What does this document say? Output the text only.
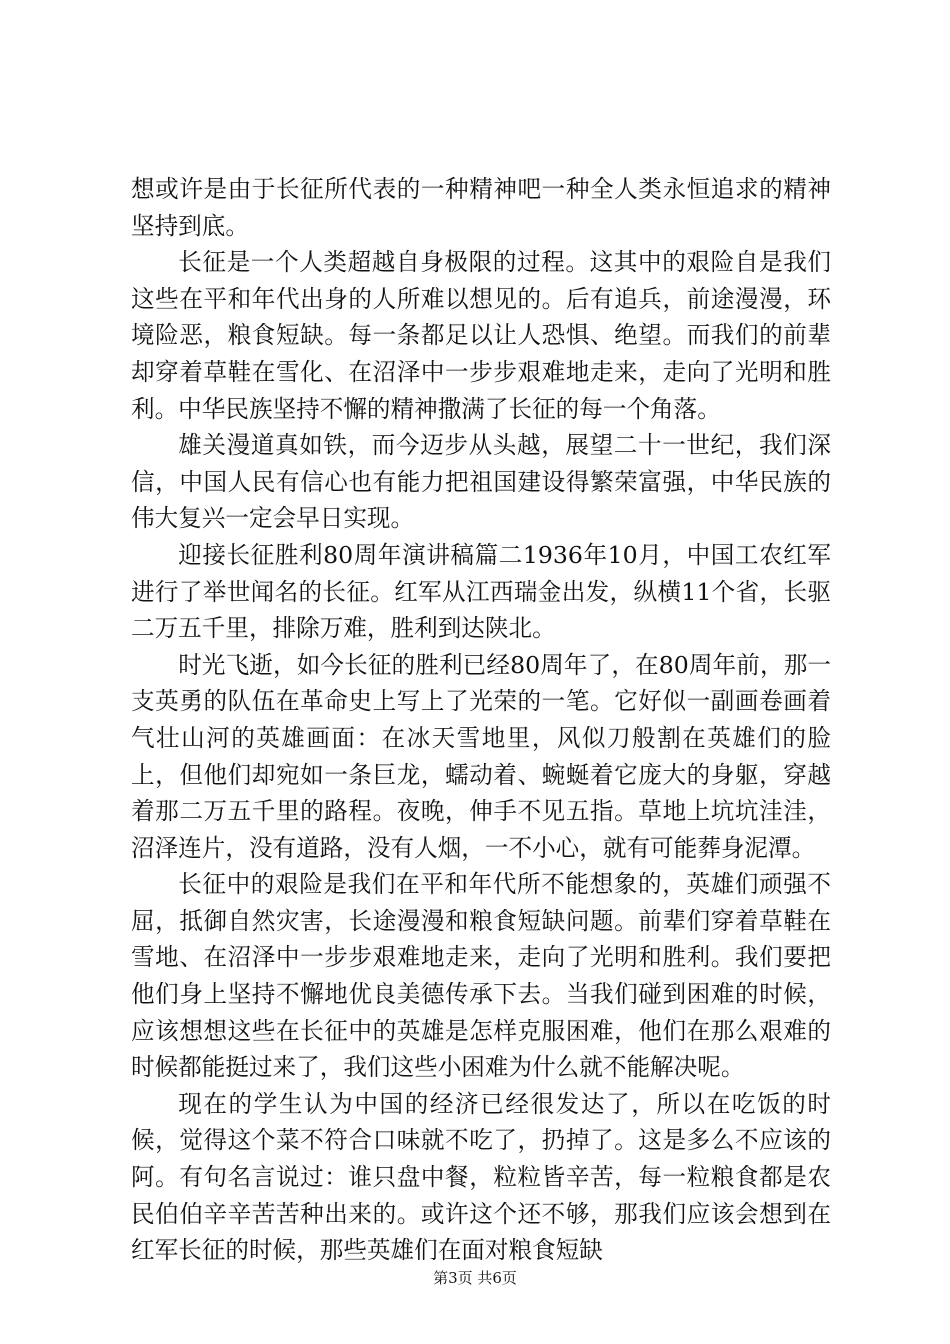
想或许是由于长征所代表的一种精神吧一种全人类永恒追求的精神坚持到底。

长征是一个人类超越自身极限的过程。这其中的艰险自是我们这些在平和年代出身的人所难以想见的。后有追兵，前途漫漫，环境险恶，粮食短缺。每一条都足以让人恐惧、绝望。而我们的前辈却穿着草鞋在雪化、在沼泽中一步步艰难地走来，走向了光明和胜利。中华民族坚持不懈的精神撒满了长征的每一个角落。

雄关漫道真如铁，而今迈步从头越，展望二十一世纪，我们深信，中国人民有信心也有能力把祖国建设得繁荣富强，中华民族的伟大复兴一定会早日实现。

迎接长征胜利80周年演讲稿篇二1936年10月，中国工农红军进行了举世闻名的长征。红军从江西瑞金出发，纵横11个省，长驱二万五千里，排除万难，胜利到达陕北。

时光飞逝，如今长征的胜利已经80周年了，在80周年前，那一支英勇的队伍在革命史上写上了光荣的一笔。它好似一副画卷画着气壮山河的英雄画面：在冰天雪地里，风似刀般割在英雄们的脸上，但他们却宛如一条巨龙，蠕动着、蜿蜒着它庞大的身躯，穿越着那二万五千里的路程。夜晚，伸手不见五指。草地上坑坑洼洼，沼泽连片，没有道路，没有人烟，一不小心，就有可能葬身泥潭。

长征中的艰险是我们在平和年代所不能想象的，英雄们顽强不屈，抵御自然灾害，长途漫漫和粮食短缺问题。前辈们穿着草鞋在雪地、在沼泽中一步步艰难地走来，走向了光明和胜利。我们要把他们身上坚持不懈地优良美德传承下去。当我们碰到困难的时候，应该想想这些在长征中的英雄是怎样克服困难，他们在那么艰难的时候都能挺过来了，我们这些小困难为什么就不能解决呢。

现在的学生认为中国的经济已经很发达了，所以在吃饭的时候，觉得这个菜不符合口味就不吃了，扔掉了。这是多么不应该的阿。有句名言说过：谁只盘中餐，粒粒皆辛苦，每一粒粮食都是农民伯伯辛辛苦苦种出来的。或许这个还不够，那我们应该会想到在红军长征的时候，那些英雄们在面对粮食短缺

第3页 共6页
